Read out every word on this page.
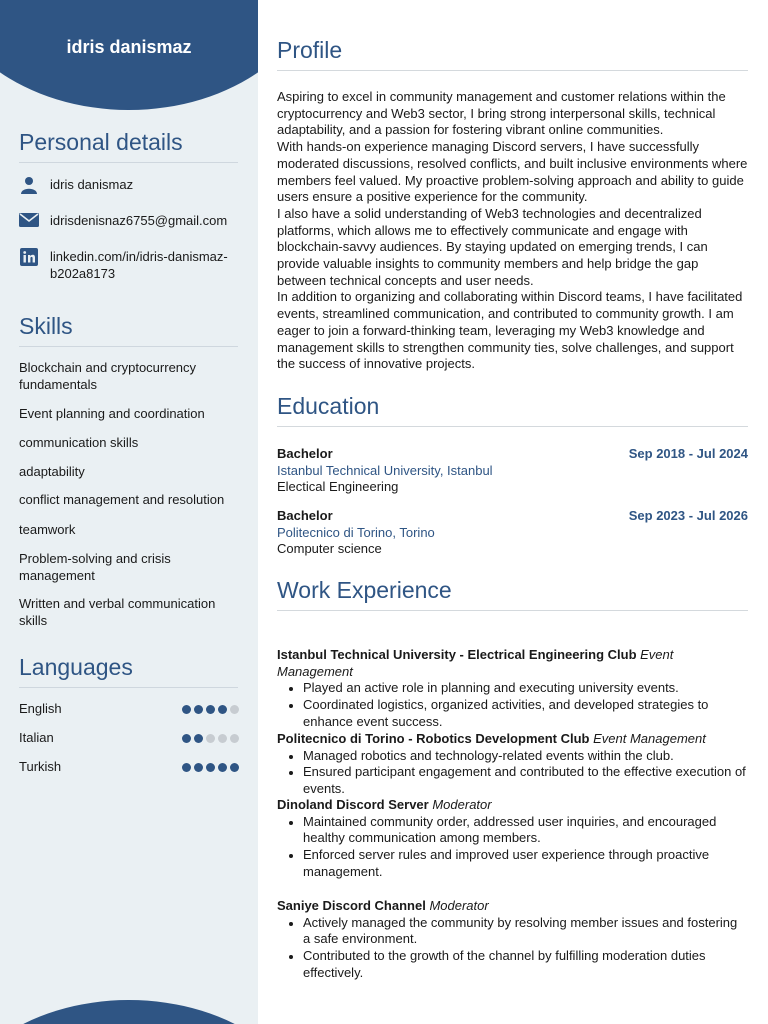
idris danismaz
Personal details
idris danismaz
idrisdenisnaz6755@gmail.com
linkedin.com/in/idris-danismaz-b202a8173
Skills
Blockchain and cryptocurrency fundamentals
Event planning and coordination
communication skills
adaptability
conflict management and resolution
teamwork
Problem-solving and crisis management
Written and verbal communication skills
Languages
English
Italian
Turkish
Profile

Aspiring to excel in community management and customer relations within the cryptocurrency and Web3 sector, I bring strong interpersonal skills, technical adaptability, and a passion for fostering vibrant online communities.

With hands-on experience managing Discord servers, I have successfully moderated discussions, resolved conflicts, and built inclusive environments where members feel valued. My proactive problem-solving approach and ability to guide users ensure a positive experience for the community.

I also have a solid understanding of Web3 technologies and decentralized platforms, which allows me to effectively communicate and engage with blockchain-savvy audiences. By staying updated on emerging trends, I can provide valuable insights to community members and help bridge the gap between technical concepts and user needs.

In addition to organizing and collaborating within Discord teams, I have facilitated events, streamlined communication, and contributed to community growth. I am eager to join a forward-thinking team, leveraging my Web3 knowledge and management skills to strengthen community ties, solve challenges, and support the success of innovative projects.

Education
Bachelor	Sep 2018 - Jul 2024
Istanbul Technical University, Istanbul
Electical Engineering
Bachelor	Sep 2023 - Jul 2026
Politecnico di Torino, Torino
Computer science
Work Experience
Istanbul Technical University - Electrical Engineering Club Event Management
• Played an active role in planning and executing university events.
• Coordinated logistics, organized activities, and developed strategies to enhance event success.
Politecnico di Torino - Robotics Development Club Event Management
• Managed robotics and technology-related events within the club.
• Ensured participant engagement and contributed to the effective execution of events.
Dinoland Discord Server Moderator
• Maintained community order, addressed user inquiries, and encouraged healthy communication among members.
• Enforced server rules and improved user experience through proactive management.
Saniye Discord Channel Moderator
• Actively managed the community by resolving member issues and fostering a safe environment.
• Contributed to the growth of the channel by fulfilling moderation duties effectively.
